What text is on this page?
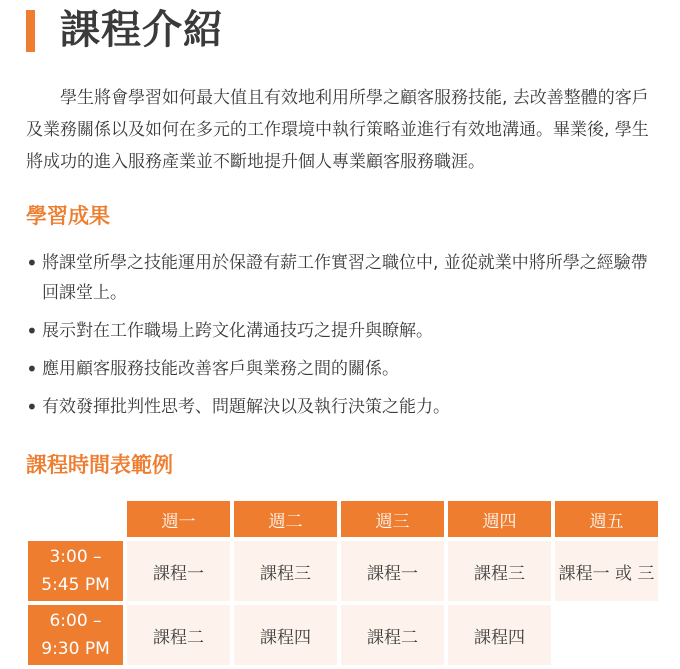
課程介紹

學生將會學習如何最大值且有效地利用所學之顧客服務技能, 去改善整體的客戶及業務關係以及如何在多元的工作環境中執行策略並進行有效地溝通。畢業後, 學生將成功的進入服務產業並不斷地提升個人專業顧客服務職涯。

學習成果
• 將課堂所學之技能運用於保證有薪工作實習之職位中, 並從就業中將所學之經驗帶回課堂上。
• 展示對在工作職場上跨文化溝通技巧之提升與瞭解。
• 應用顧客服務技能改善客戶與業務之間的關係。
• 有效發揮批判性思考、問題解決以及執行決策之能力。
課程時間表範例
	週一	週二	週三	週四	週五

3:00 –
5:45 PM	課程一	課程三	課程一	課程三	課程一 或 三

6:00 –
9:30 PM	課程二	課程四	課程二	課程四	
